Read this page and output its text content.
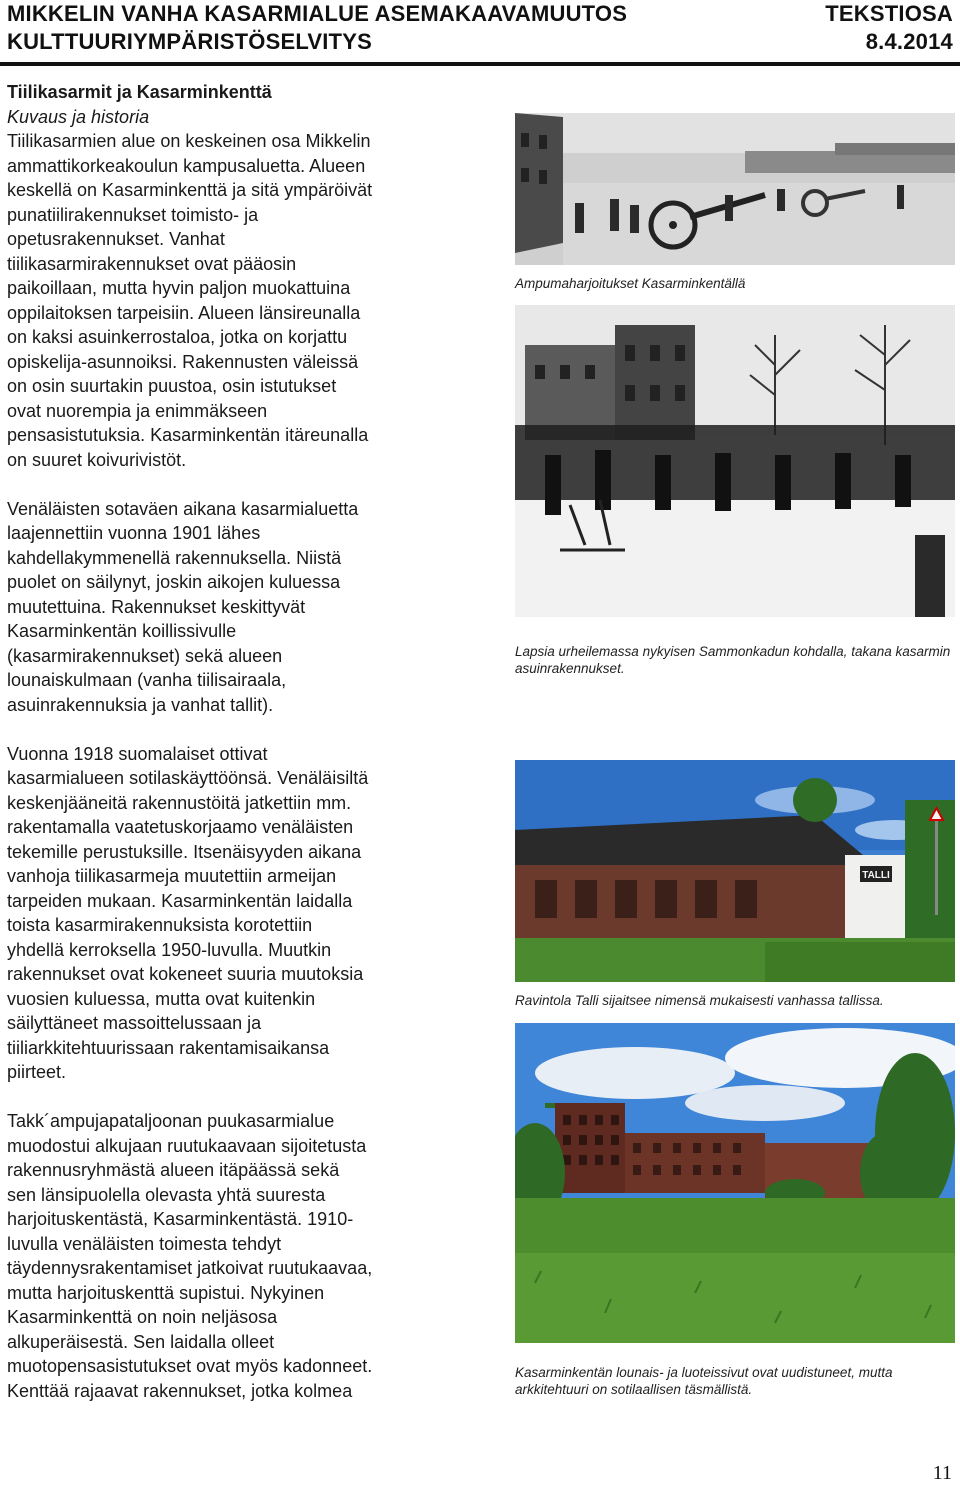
MIKKELIN VANHA KASARMIALUE ASEMAKAAVAMUUTOS	TEKSTIOSA
KULTTUURIYMPÄRISTÖSELVITYS	8.4.2014

Tiilikasarmit ja Kasarminkenttä

Kuvaus ja historia

Tiilikasarmien alue on keskeinen osa Mikkelin
ammattikorkeakoulun kampusaluetta. Alueen
keskellä on Kasarminkenttä ja sitä ympäröivät
punatiilirakennukset toimisto- ja
opetusrakennukset. Vanhat
tiilikasarmirakennukset ovat pääosin
paikoillaan, mutta hyvin paljon muokattuina
oppilaitoksen tarpeisiin. Alueen länsireunalla
on kaksi asuinkerrostaloa, jotka on korjattu
opiskelija-asunnoiksi. Rakennusten väleissä
on osin suurtakin puustoa, osin istutukset
ovat nuorempia ja enimmäkseen
pensasistutuksia. Kasarminkentän itäreunalla
on suuret koivurivistöt.
Venäläisten sotaväen aikana kasarmialuetta
laajennettiin vuonna 1901 lähes
kahdellakymmenellä rakennuksella. Niistä
puolet on säilynyt, joskin aikojen kuluessa
muutettuina. Rakennukset keskittyvät
Kasarminkentän koillissivulle
(kasarmirakennukset) sekä alueen
lounaiskulmaan (vanha tiilisairaala,
asuinrakennuksia ja vanhat tallit).
Vuonna 1918 suomalaiset ottivat
kasarmialueen sotilaskäyttöönsä. Venäläisiltä
keskenjääneitä rakennustöitä jatkettiin mm.
rakentamalla vaatetuskorjaamo venäläisten
tekemille perustuksille. Itsenäisyyden aikana
vanhoja tiilikasarmeja muutettiin armeijan
tarpeiden mukaan. Kasarminkentän laidalla
toista kasarmirakennuksista korotettiin
yhdellä kerroksella 1950-luvulla. Muutkin
rakennukset ovat kokeneet suuria muutoksia
vuosien kuluessa, mutta ovat kuitenkin
säilyttäneet massoittelussaan ja
tiiliarkkitehtuurissaan rakentamisaikansa
piirteet.
Takk´ampujapataljoonan puukasarmialue
muodostui alkujaan ruutukaavaan sijoitetusta
rakennusryhmästä alueen itäpäässä sekä
sen länsipuolella olevasta yhtä suuresta
harjoituskentästä, Kasarminkentästä. 1910-
luvulla venäläisten toimesta tehdyt
täydennysrakentamiset jatkoivat ruutukaavaa,
mutta harjoituskenttä supistui. Nykyinen
Kasarminkenttä on noin neljäsosa
alkuperäisestä. Sen laidalla olleet
muotopensasistutukset ovat myös kadonneet.
Kenttää rajaavat rakennukset, jotka kolmea
Ampumaharjoitukset Kasarminkentällä
Lapsia urheilemassa nykyisen Sammonkadun kohdalla, takana kasarmin asuinrakennukset.
TALLI
Ravintola Talli sijaitsee nimensä mukaisesti vanhassa tallissa.
Kasarminkentän lounais- ja luoteissivut ovat uudistuneet, mutta arkkitehtuuri on sotilaallisen täsmällistä.
11
